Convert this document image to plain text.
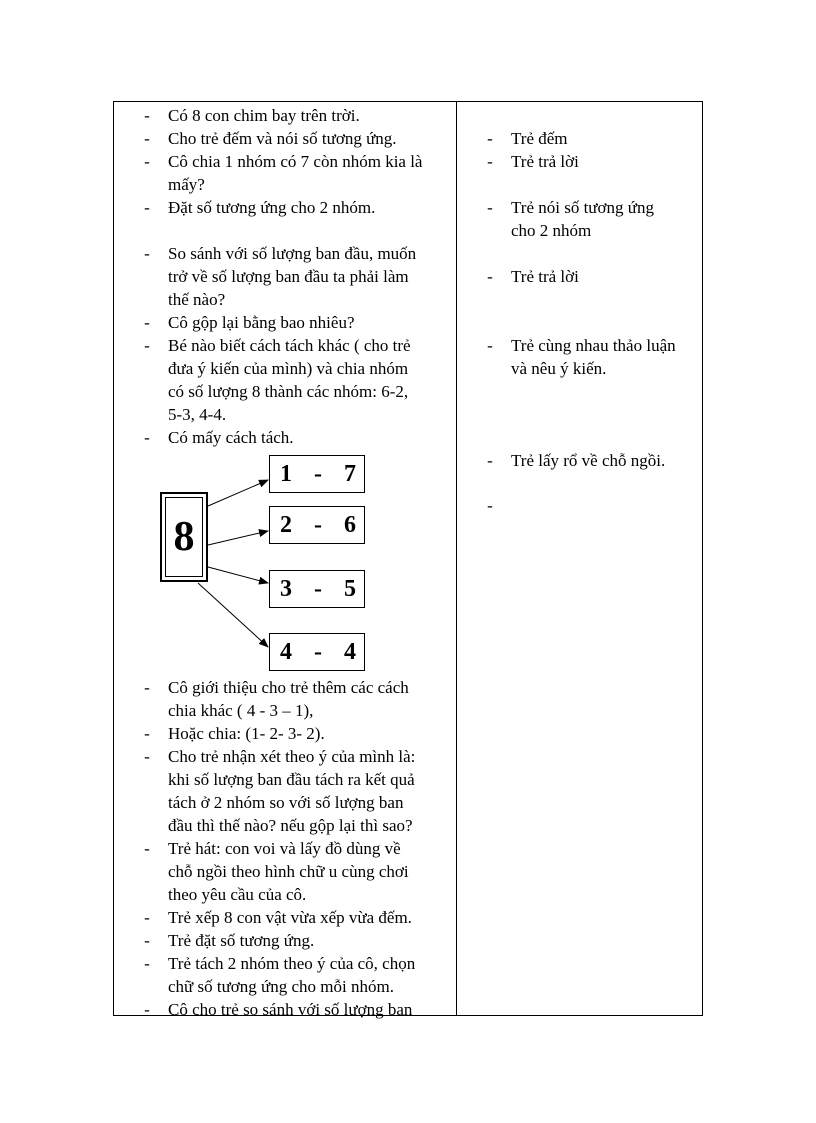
- Có 8 con chim bay trên trời.
- Cho trẻ đếm và nói số tương ứng.
- Cô chia 1 nhóm có 7 còn nhóm kia là
mấy?
- Đặt số tương ứng cho 2 nhóm.
- So sánh với số lượng ban đầu, muốn
trở về số lượng ban đầu ta phải làm
thế nào?
- Cô gộp lại bằng bao nhiêu?
- Bé nào biết cách tách khác ( cho trẻ
đưa ý kiến của mình) và chia nhóm
có số lượng 8 thành các nhóm: 6-2,
5-3, 4-4.
- Có mấy cách tách.
8
1 - 7
2 - 6
3 - 5
4 - 4
- Cô giới thiệu cho trẻ thêm các cách
chia khác ( 4 - 3 – 1),
- Hoặc chia: (1- 2- 3- 2).
- Cho trẻ nhận xét theo ý của mình là:
khi số lượng ban đầu tách ra kết quả
tách ở 2 nhóm so với số lượng ban
đầu thì thế nào? nếu gộp lại thì sao?
- Trẻ hát: con voi và lấy đồ dùng về
chỗ ngồi theo hình chữ u cùng chơi
theo yêu cầu của cô.
- Trẻ xếp 8 con vật vừa xếp vừa đếm.
- Trẻ đặt số tương ứng.
- Trẻ tách 2 nhóm theo ý của cô, chọn
chữ số tương ứng cho mỗi nhóm.
- Cô cho trẻ so sánh với số lượng ban
- Trẻ đếm
- Trẻ trả lời
- Trẻ nói số tương ứng
cho 2 nhóm
- Trẻ trả lời
- Trẻ cùng nhau thảo luận
và nêu ý kiến.
- Trẻ lấy rổ về chỗ ngồi.
-
